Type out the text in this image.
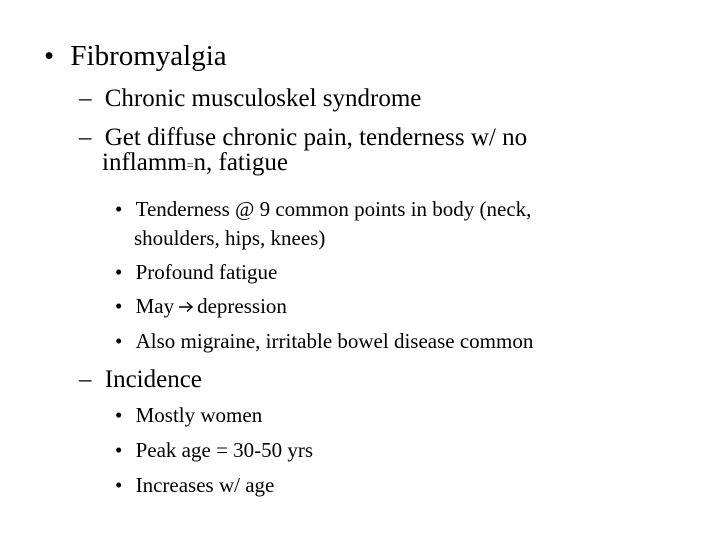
• Fibromyalgia
– Chronic musculoskel syndrome
– Get diffuse chronic pain, tenderness w/ no
inflamm=n, fatigue
• Tenderness @ 9 common points in body (neck,
shoulders, hips, knees)
• Profound fatigue
• May depression
• Also migraine, irritable bowel disease common
– Incidence
• Mostly women
• Peak age = 30-50 yrs
• Increases w/ age
